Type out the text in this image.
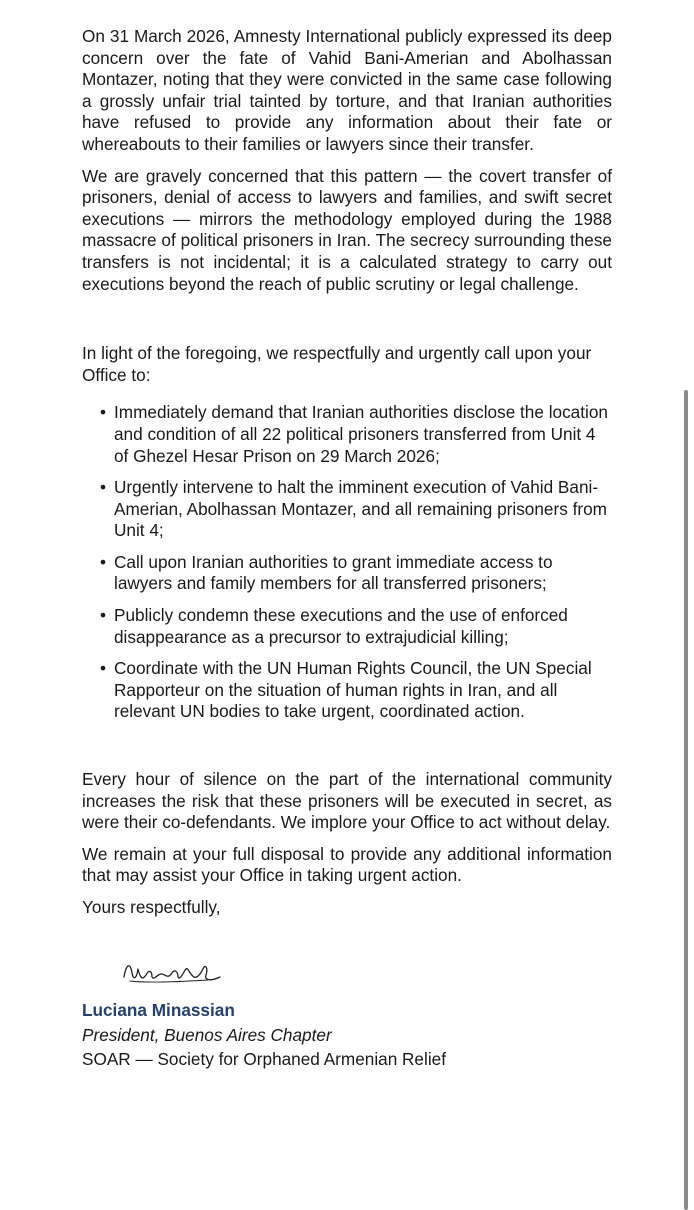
On 31 March 2026, Amnesty International publicly expressed its deep concern over the fate of Vahid Bani-Amerian and Abolhassan Montazer, noting that they were convicted in the same case following a grossly unfair trial tainted by torture, and that Iranian authorities have refused to provide any information about their fate or whereabouts to their families or lawyers since their transfer.

We are gravely concerned that this pattern — the covert transfer of prisoners, denial of access to lawyers and families, and swift secret executions — mirrors the methodology employed during the 1988 massacre of political prisoners in Iran. The secrecy surrounding these transfers is not incidental; it is a calculated strategy to carry out executions beyond the reach of public scrutiny or legal challenge.

In light of the foregoing, we respectfully and urgently call upon your Office to:

• Immediately demand that Iranian authorities disclose the location and condition of all 22 political prisoners transferred from Unit 4 of Ghezel Hesar Prison on 29 March 2026;
• Urgently intervene to halt the imminent execution of Vahid Bani-Amerian, Abolhassan Montazer, and all remaining prisoners from Unit 4;
• Call upon Iranian authorities to grant immediate access to lawyers and family members for all transferred prisoners;
• Publicly condemn these executions and the use of enforced disappearance as a precursor to extrajudicial killing;
• Coordinate with the UN Human Rights Council, the UN Special Rapporteur on the situation of human rights in Iran, and all relevant UN bodies to take urgent, coordinated action.

Every hour of silence on the part of the international community increases the risk that these prisoners will be executed in secret, as were their co-defendants. We implore your Office to act without delay.

We remain at your full disposal to provide any additional information that may assist your Office in taking urgent action.

Yours respectfully,

Luciana Minassian

President, Buenos Aires Chapter

SOAR — Society for Orphaned Armenian Relief
